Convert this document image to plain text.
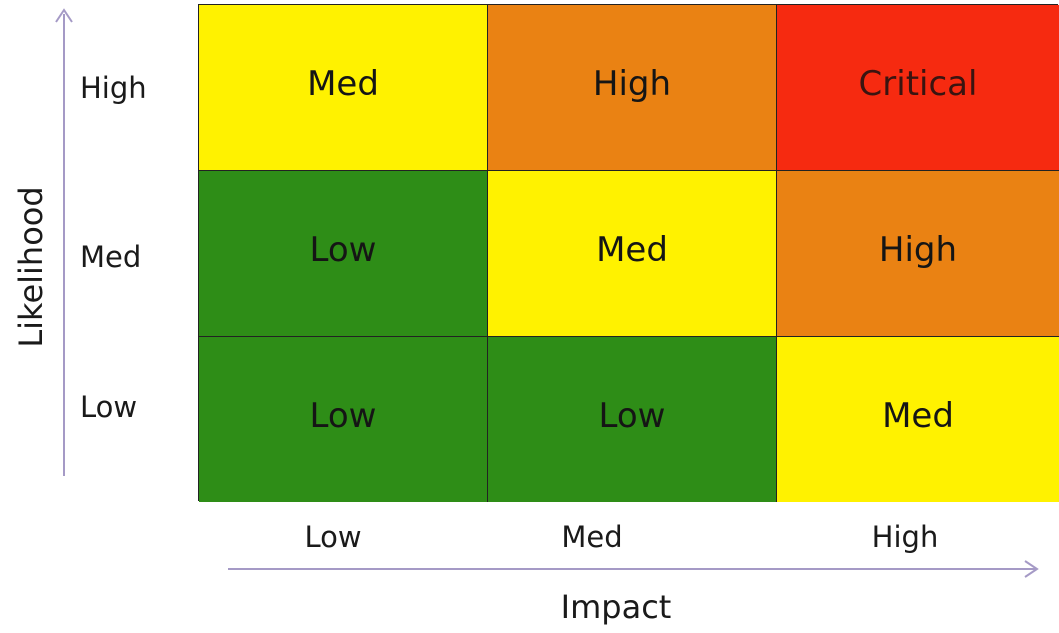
Likelihood
High
Med
Low
Med	High	Critical
Low	Med	High
Low	Low	Med
Low	Med	High
Impact
